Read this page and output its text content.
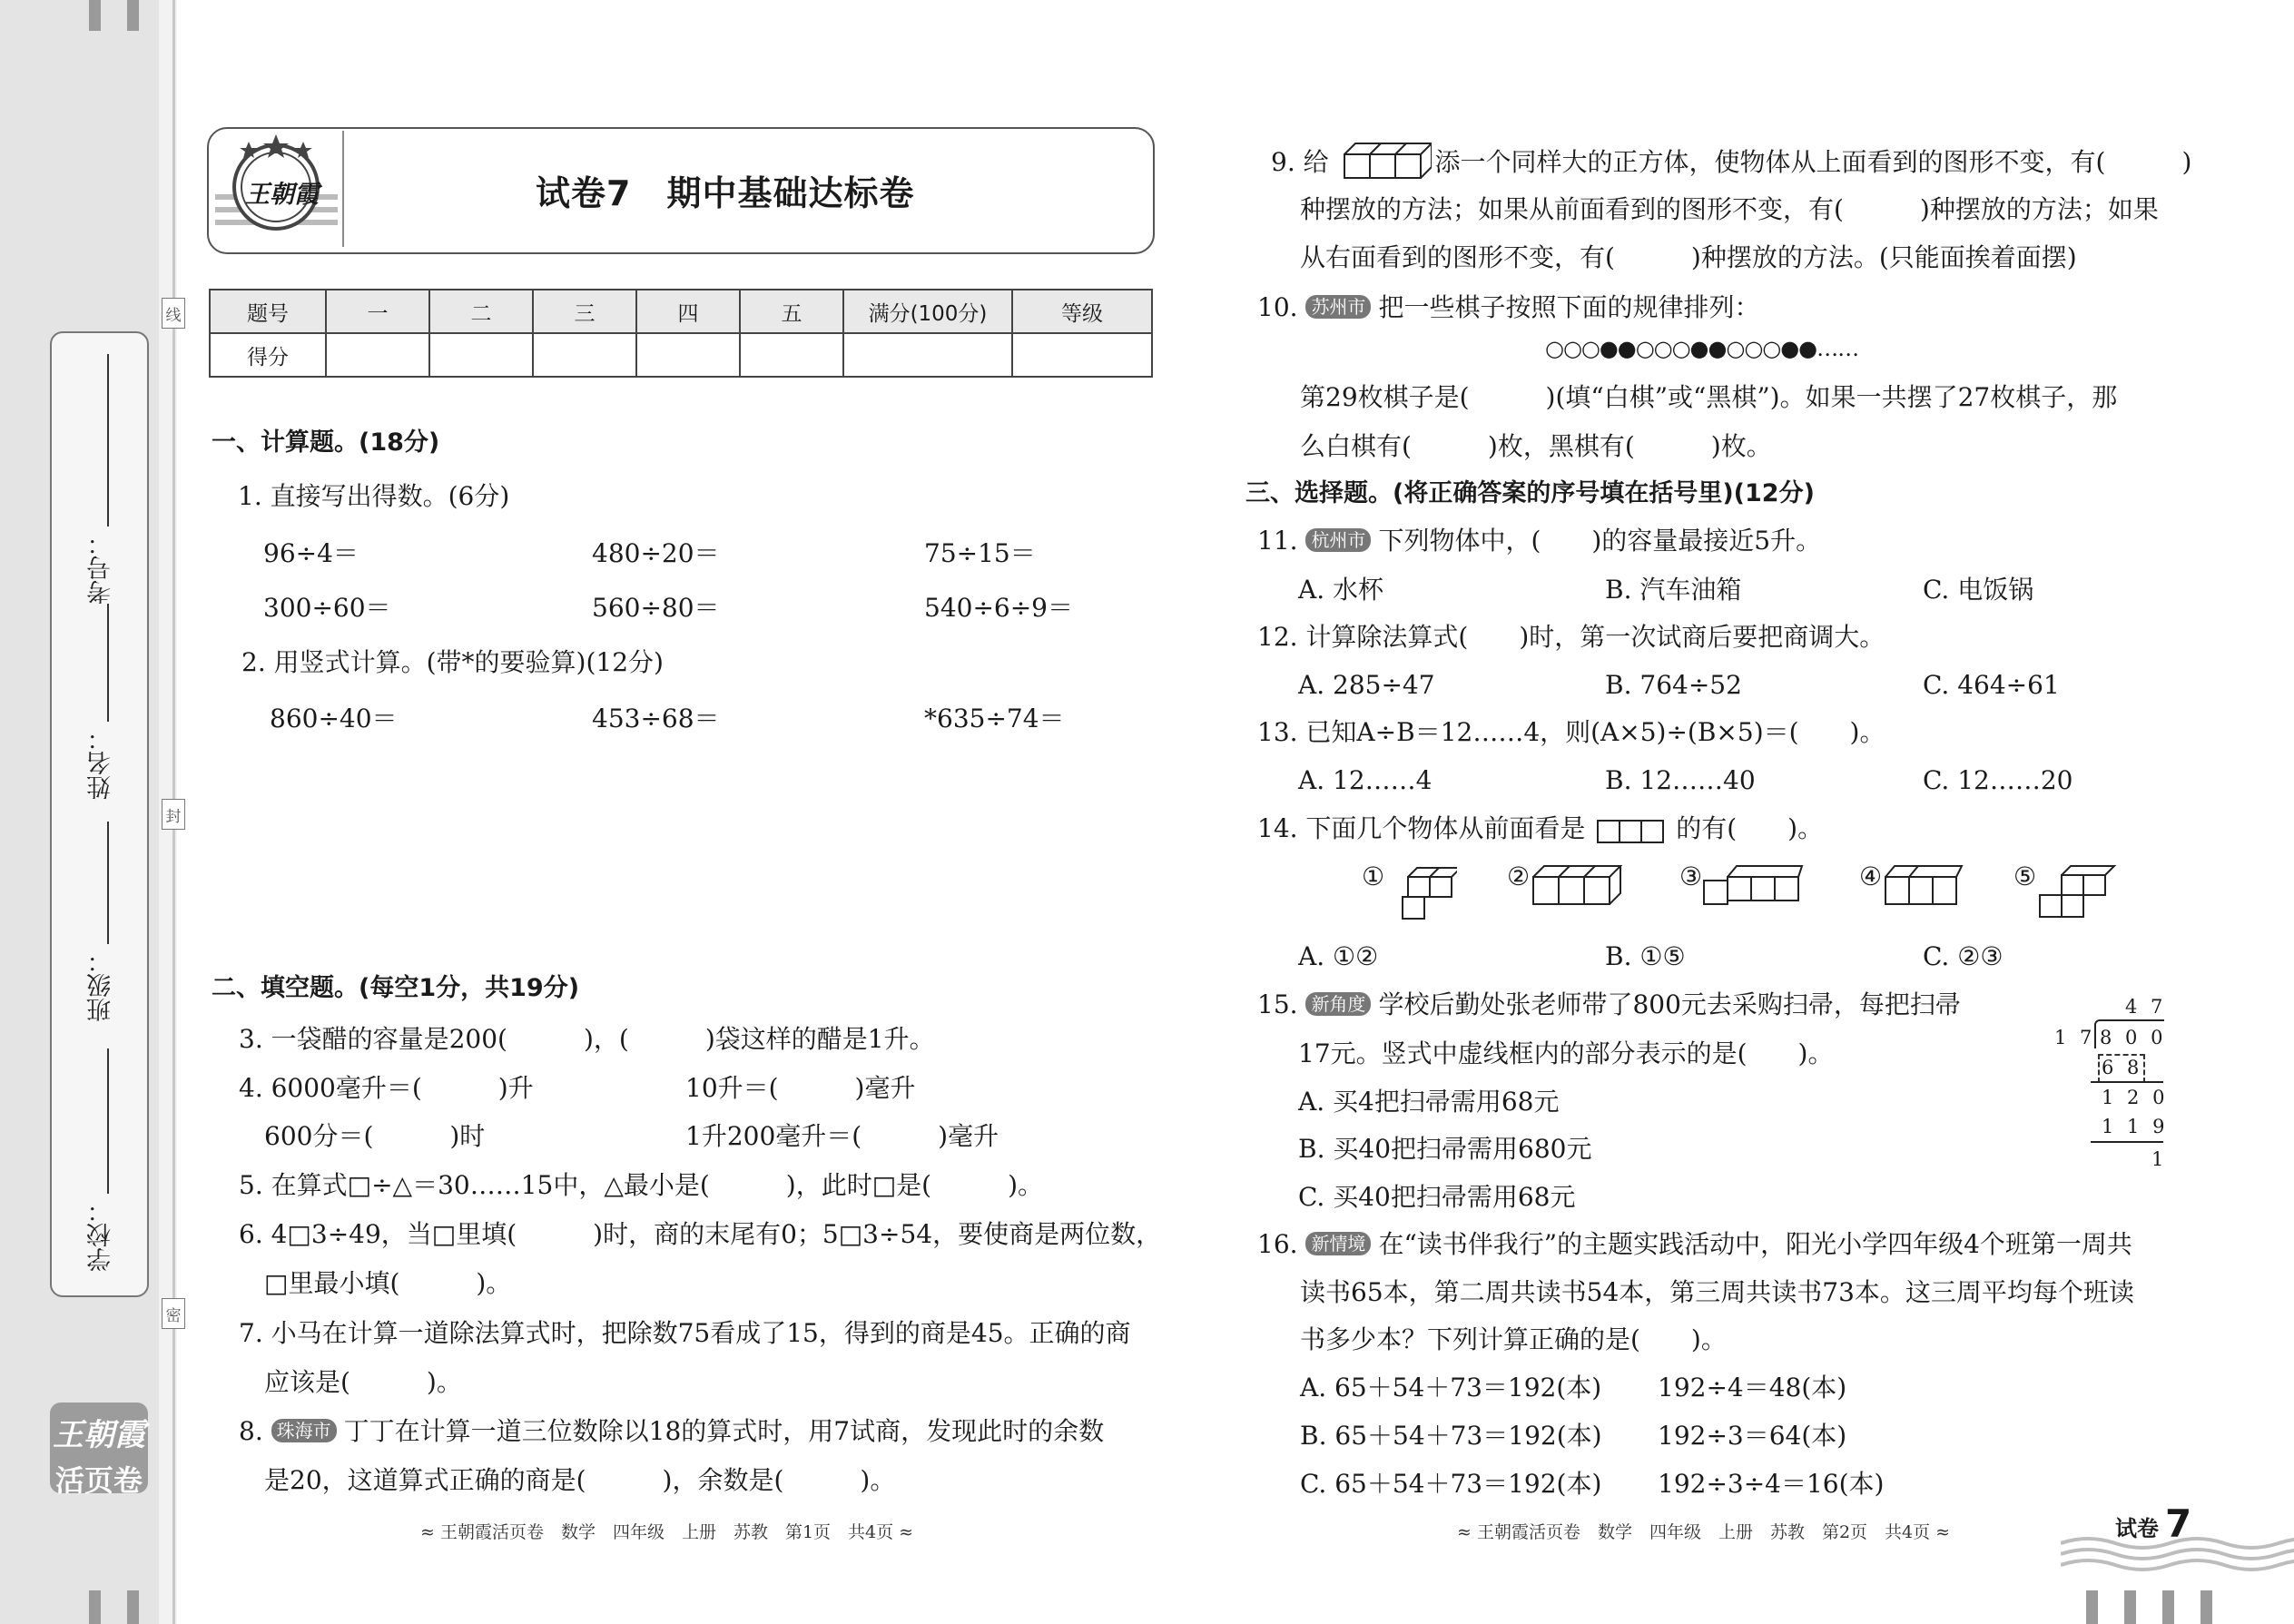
线
封
密
考号：
姓名：
班级：
学校：
王朝霞
活页卷
王朝霞	试卷7　期中基础达标卷
题号	一	二	三	四	五	满分(100分)	等级
得分							
一、计算题。(18分)
1. 直接写出得数。(6分)
96÷4＝	480÷20＝	75÷15＝
300÷60＝	560÷80＝	540÷6÷9＝
2. 用竖式计算。(带*的要验算)(12分)
860÷40＝	453÷68＝	*635÷74＝
二、填空题。(每空1分，共19分)
3. 一袋醋的容量是200(　　　)，(　　　)袋这样的醋是1升。
4. 6000毫升＝(　　　)升	10升＝(　　　)毫升
600分＝(　　　)时	1升200毫升＝(　　　)毫升
5. 在算式□÷△＝30……15中，△最小是(　　　)，此时□是(　　　)。
6. 4□3÷49，当□里填(　　　)时，商的末尾有0；5□3÷54，要使商是两位数，
□里最小填(　　　)。
7. 小马在计算一道除法算式时，把除数75看成了15，得到的商是45。正确的商
应该是(　　　)。
8. 珠海市 丁丁在计算一道三位数除以18的算式时，用7试商，发现此时的余数
是20，这道算式正确的商是(　　　)，余数是(　　　)。
≈ 王朝霞活页卷　数学　四年级　上册　苏教　第1页　共4页 ≈
9. 给	添一个同样大的正方体，使物体从上面看到的图形不变，有(　　　)
种摆放的方法；如果从前面看到的图形不变，有(　　　)种摆放的方法；如果
从右面看到的图形不变，有(　　　)种摆放的方法。(只能面挨着面摆)
10. 苏州市 把一些棋子按照下面的规律排列：
○○○●●○○○●●○○○●●……
第29枚棋子是(　　　)(填“白棋”或“黑棋”)。如果一共摆了27枚棋子，那
么白棋有(　　　)枚，黑棋有(　　　)枚。
三、选择题。(将正确答案的序号填在括号里)(12分)
11. 杭州市 下列物体中，(　　)的容量最接近5升。
A. 水杯	B. 汽车油箱	C. 电饭锅
12. 计算除法算式(　　)时，第一次试商后要把商调大。
A. 285÷47	B. 764÷52	C. 464÷61
13. 已知A÷B＝12……4，则(A×5)÷(B×5)＝(　　)。
A. 12……4	B. 12……40	C. 12……20
14. 下面几个物体从前面看是	的有(　　)。
①	②	③	④	⑤
A. ①②	B. ①⑤	C. ②③
15. 新角度 学校后勤处张老师带了800元去采购扫帚，每把扫帚
17元。竖式中虚线框内的部分表示的是(　　)。
A. 买4把扫帚需用68元
B. 买40把扫帚需用680元
C. 买40把扫帚需用68元
4 7
1 7 8 0 0
6 8
1 2 0
1 1 9
1
16. 新情境 在“读书伴我行”的主题实践活动中，阳光小学四年级4个班第一周共
读书65本，第二周共读书54本，第三周共读书73本。这三周平均每个班读
书多少本？下列计算正确的是(　　)。
A. 65＋54＋73＝192(本) 192÷4＝48(本)
B. 65＋54＋73＝192(本) 192÷3＝64(本)
C. 65＋54＋73＝192(本) 192÷3÷4＝16(本)
≈ 王朝霞活页卷　数学　四年级　上册　苏教　第2页　共4页 ≈	试卷 7
